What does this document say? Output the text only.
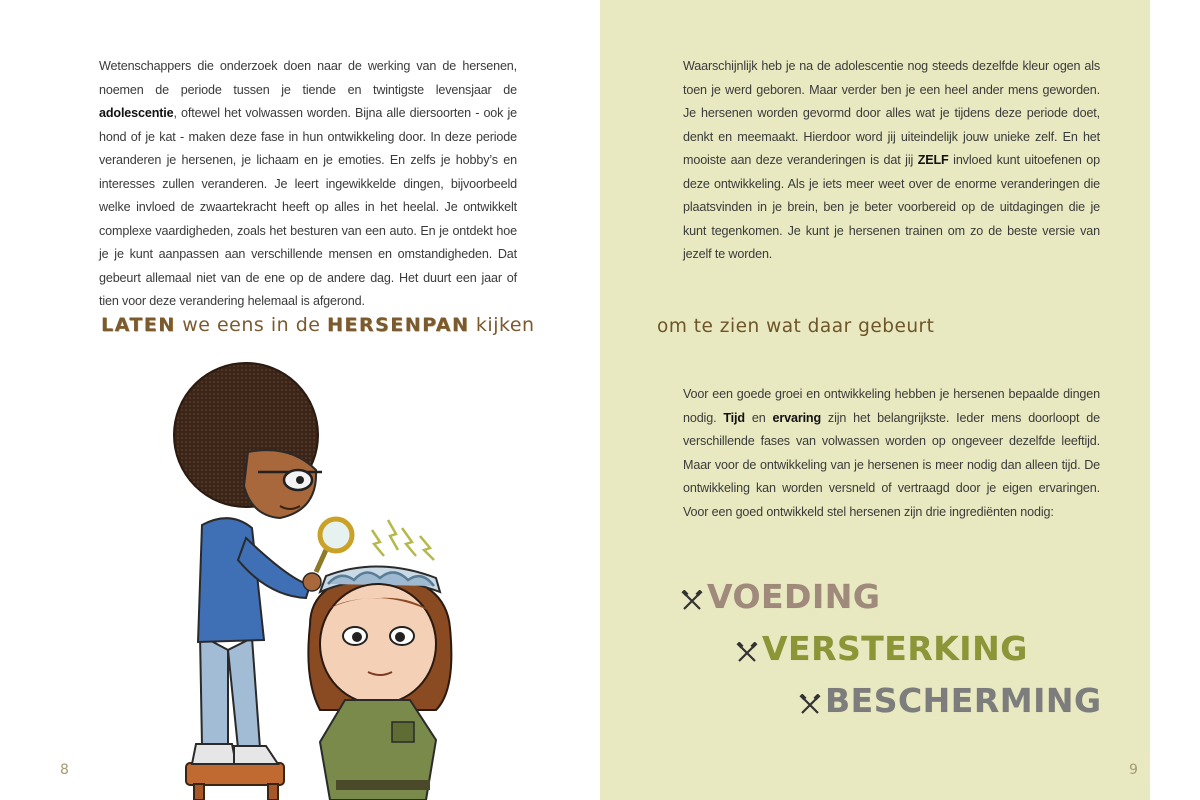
Wetenschappers die onderzoek doen naar de werking van de hersenen, noemen de periode tussen je tiende en twintigste levensjaar de adolescentie, oftewel het volwassen worden. Bijna alle diersoorten - ook je hond of je kat - maken deze fase in hun ontwikkeling door. In deze periode veranderen je hersenen, je lichaam en je emoties. En zelfs je hobby’s en interesses zullen veranderen. Je leert ingewikkelde dingen, bijvoorbeeld welke invloed de zwaartekracht heeft op alles in het heelal. Je ontwikkelt complexe vaardigheden, zoals het besturen van een auto. En je ontdekt hoe je je kunt aanpassen aan verschillende mensen en omstandigheden. Dat gebeurt allemaal niet van de ene op de andere dag. Het duurt een jaar of tien voor deze verandering helemaal is afgerond.

LATEN we eens in de HERSENPAN kijken
8

Waarschijnlijk heb je na de adolescentie nog steeds dezelfde kleur ogen als toen je werd geboren. Maar verder ben je een heel ander mens geworden. Je hersenen worden gevormd door alles wat je tijdens deze periode doet, denkt en meemaakt. Hierdoor word jij uiteindelijk jouw unieke zelf. En het mooiste aan deze veranderingen is dat jij ZELF invloed kunt uitoefenen op deze ontwikkeling. Als je iets meer weet over de enorme veranderingen die plaatsvinden in je brein, ben je beter voorbereid op de uitdagingen die je kunt tegenkomen. Je kunt je hersenen trainen om zo de beste versie van jezelf te worden.

om te zien wat daar gebeurt

Voor een goede groei en ontwikkeling hebben je hersenen bepaalde dingen nodig. Tijd en ervaring zijn het belangrijkste. Ieder mens doorloopt de verschillende fases van volwassen worden op ongeveer dezelfde leeftijd. Maar voor de ontwikkeling van je hersenen is meer nodig dan alleen tijd. De ontwikkeling kan worden versneld of vertraagd door je eigen ervaringen. Voor een goed ontwikkeld stel hersenen zijn drie ingrediënten nodig:

VOEDING
VERSTERKING
BESCHERMING
9
